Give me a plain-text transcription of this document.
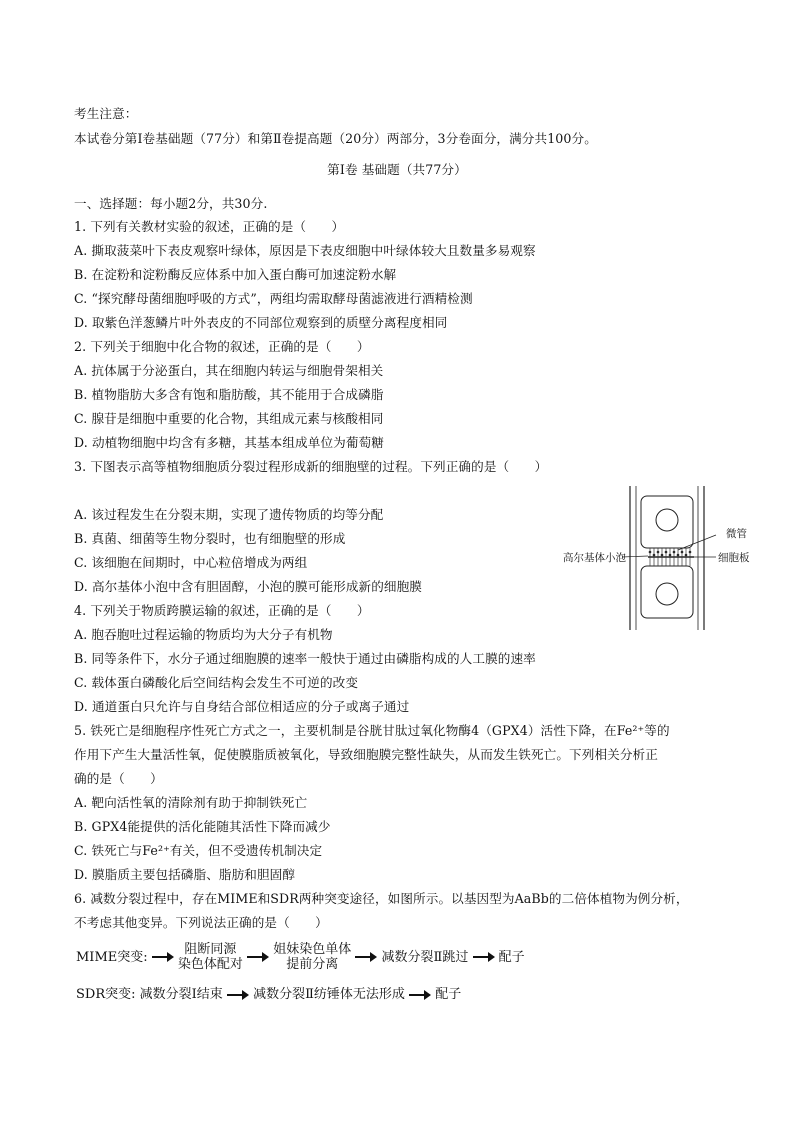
考生注意：
本试卷分第Ⅰ卷基础题（77分）和第Ⅱ卷提高题（20分）两部分，3分卷面分，满分共100分。
第Ⅰ卷 基础题（共77分）
一、选择题：每小题2分，共30分.
1. 下列有关教材实验的叙述，正确的是（　　）
A. 撕取菠菜叶下表皮观察叶绿体，原因是下表皮细胞中叶绿体较大且数量多易观察
B. 在淀粉和淀粉酶反应体系中加入蛋白酶可加速淀粉水解
C. “探究酵母菌细胞呼吸的方式”，两组均需取酵母菌滤液进行酒精检测
D. 取紫色洋葱鳞片叶外表皮的不同部位观察到的质壁分离程度相同
2. 下列关于细胞中化合物的叙述，正确的是（　　）
A. 抗体属于分泌蛋白，其在细胞内转运与细胞骨架相关
B. 植物脂肪大多含有饱和脂肪酸，其不能用于合成磷脂
C. 腺苷是细胞中重要的化合物，其组成元素与核酸相同
D. 动植物细胞中均含有多糖，其基本组成单位为葡萄糖
3. 下图表示高等植物细胞质分裂过程形成新的细胞壁的过程。下列正确的是（　　）
A. 该过程发生在分裂末期，实现了遗传物质的均等分配
B. 真菌、细菌等生物分裂时，也有细胞壁的形成
C. 该细胞在间期时，中心粒倍增成为两组
D. 高尔基体小泡中含有胆固醇，小泡的膜可能形成新的细胞膜
高尔基体小泡
微管
细胞板
4. 下列关于物质跨膜运输的叙述，正确的是（　　）
A. 胞吞胞吐过程运输的物质均为大分子有机物
B. 同等条件下，水分子通过细胞膜的速率一般快于通过由磷脂构成的人工膜的速率
C. 载体蛋白磷酸化后空间结构会发生不可逆的改变
D. 通道蛋白只允许与自身结合部位相适应的分子或离子通过
5. 铁死亡是细胞程序性死亡方式之一，主要机制是谷胱甘肽过氧化物酶4（GPX4）活性下降，在Fe²⁺等的
作用下产生大量活性氧，促使膜脂质被氧化，导致细胞膜完整性缺失，从而发生铁死亡。下列相关分析正
确的是（　　）
A. 靶向活性氧的清除剂有助于抑制铁死亡
B. GPX4能提供的活化能随其活性下降而减少
C. 铁死亡与Fe²⁺有关，但不受遗传机制决定
D. 膜脂质主要包括磷脂、脂肪和胆固醇
6. 减数分裂过程中，存在MIME和SDR两种突变途径，如图所示。以基因型为AaBb的二倍体植物为例分析，
不考虑其他变异。下列说法正确的是（　　）
MIME突变:	阻断同源
染色体配对  姐妹染色单体
提前分离	减数分裂Ⅱ跳过 配子
SDR突变: 减数分裂Ⅰ结束 减数分裂Ⅱ纺锤体无法形成 配子
